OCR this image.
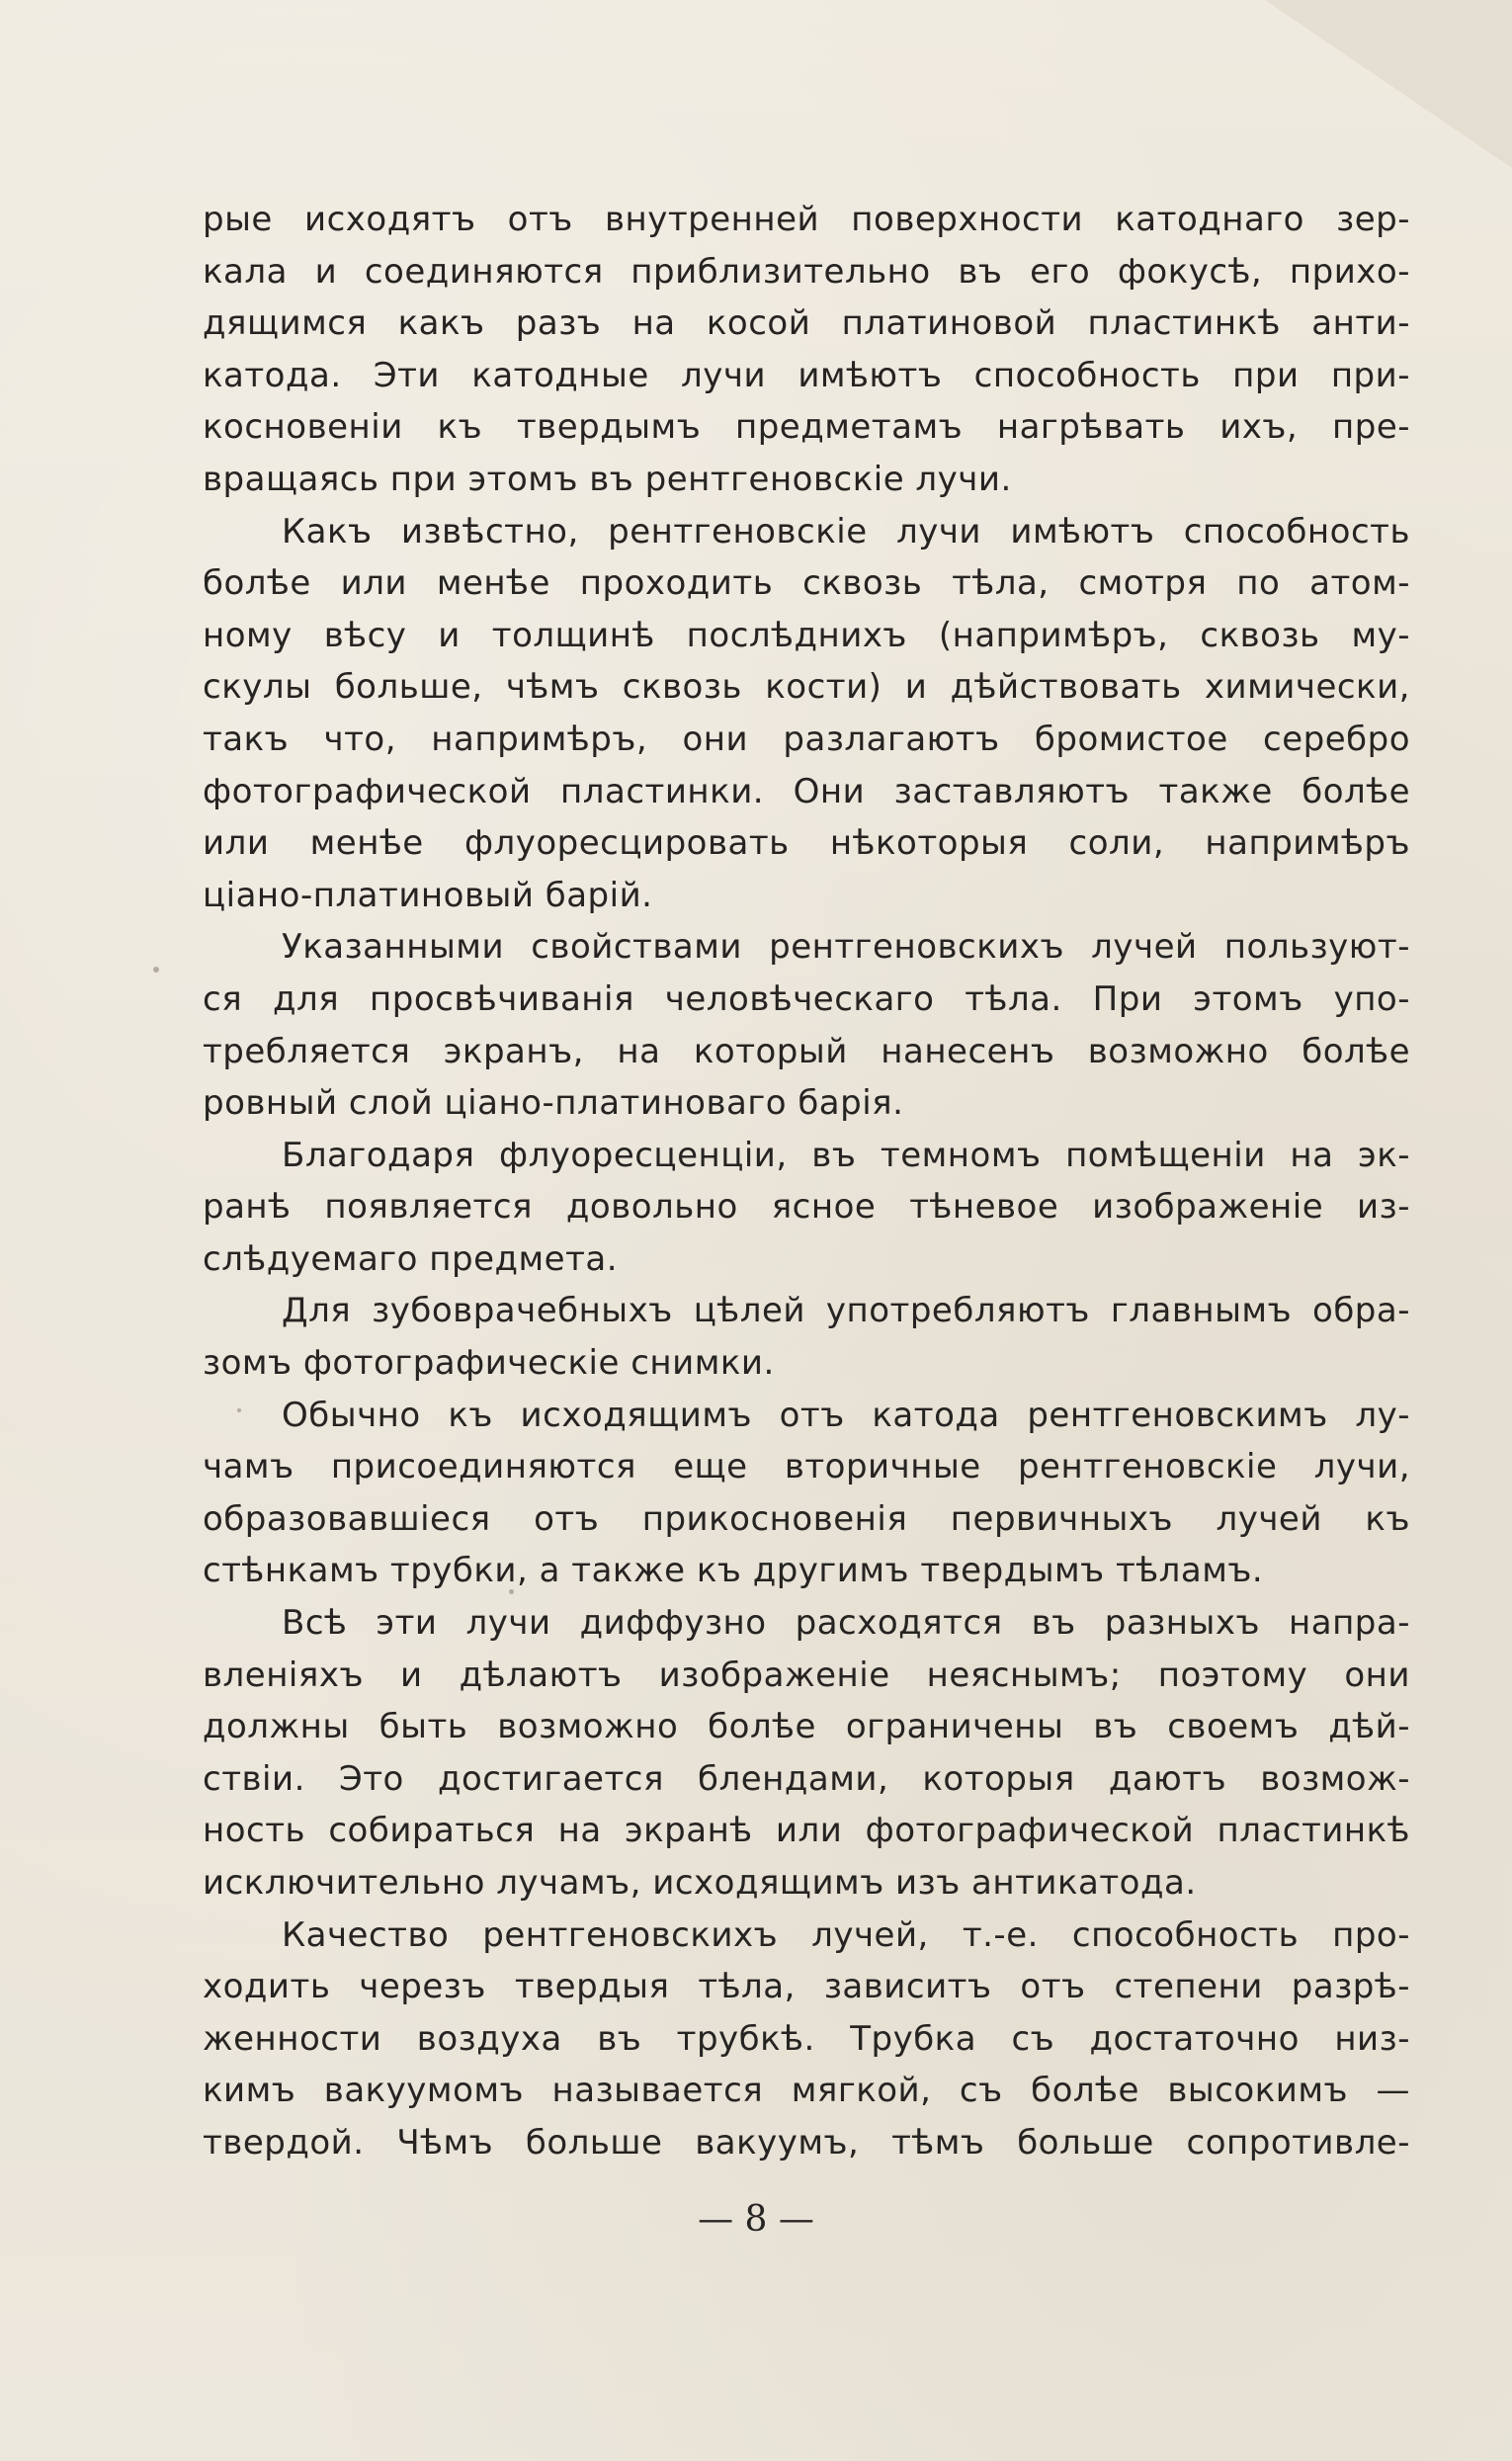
рые исходятъ отъ внутренней поверхности катоднаго зер-

кала и соединяются приблизительно въ его фокусѣ, прихо-

дящимся какъ разъ на косой платиновой пластинкѣ анти-

катода. Эти катодные лучи имѣютъ способность при при-

косновенiи къ твердымъ предметамъ нагрѣвать ихъ, пре-

вращаясь при этомъ въ рентгеновскiе лучи.

Какъ извѣстно, рентгеновскiе лучи имѣютъ способность

болѣе или менѣе проходить сквозь тѣла, смотря по атом-

ному вѣсу и толщинѣ послѣднихъ (напримѣръ, сквозь му-

скулы больше, чѣмъ сквозь кости) и дѣйствовать химически,

такъ что, напримѣръ, они разлагаютъ бромистое серебро

фотографической пластинки. Они заставляютъ также болѣе

или менѣе флуоресцировать нѣкоторыя соли, напримѣръ

цiано-платиновый барiй.

Указанными свойствами рентгеновскихъ лучей пользуют-

ся для просвѣчиванiя человѣческаго тѣла. При этомъ упо-

требляется экранъ, на который нанесенъ возможно болѣе

ровный слой цiано-платиноваго барiя.

Благодаря флуоресценцiи, въ темномъ помѣщенiи на эк-

ранѣ появляется довольно ясное тѣневое изображенiе из-

слѣдуемаго предмета.

Для зубоврачебныхъ цѣлей употребляютъ главнымъ обра-

зомъ фотографическiе снимки.

Обычно къ исходящимъ отъ катода рентгеновскимъ лу-

чамъ присоединяются еще вторичные рентгеновскiе лучи,

образовавшiеся отъ прикосновенiя первичныхъ лучей къ

стѣнкамъ трубки, а также къ другимъ твердымъ тѣламъ.

Всѣ эти лучи диффузно расходятся въ разныхъ напра-

вленiяхъ и дѣлаютъ изображенiе неяснымъ; поэтому они

должны быть возможно болѣе ограничены въ своемъ дѣй-

ствiи. Это достигается блендами, которыя даютъ возмож-

ность собираться на экранѣ или фотографической пластинкѣ

исключительно лучамъ, исходящимъ изъ антикатода.

Качество рентгеновскихъ лучей, т.-е. способность про-

ходить черезъ твердыя тѣла, зависитъ отъ степени разрѣ-

женности воздуха въ трубкѣ. Трубка съ достаточно низ-

кимъ вакуумомъ называется мягкой, съ болѣе высокимъ —

твердой. Чѣмъ больше вакуумъ, тѣмъ больше сопротивле-

— 8 —
